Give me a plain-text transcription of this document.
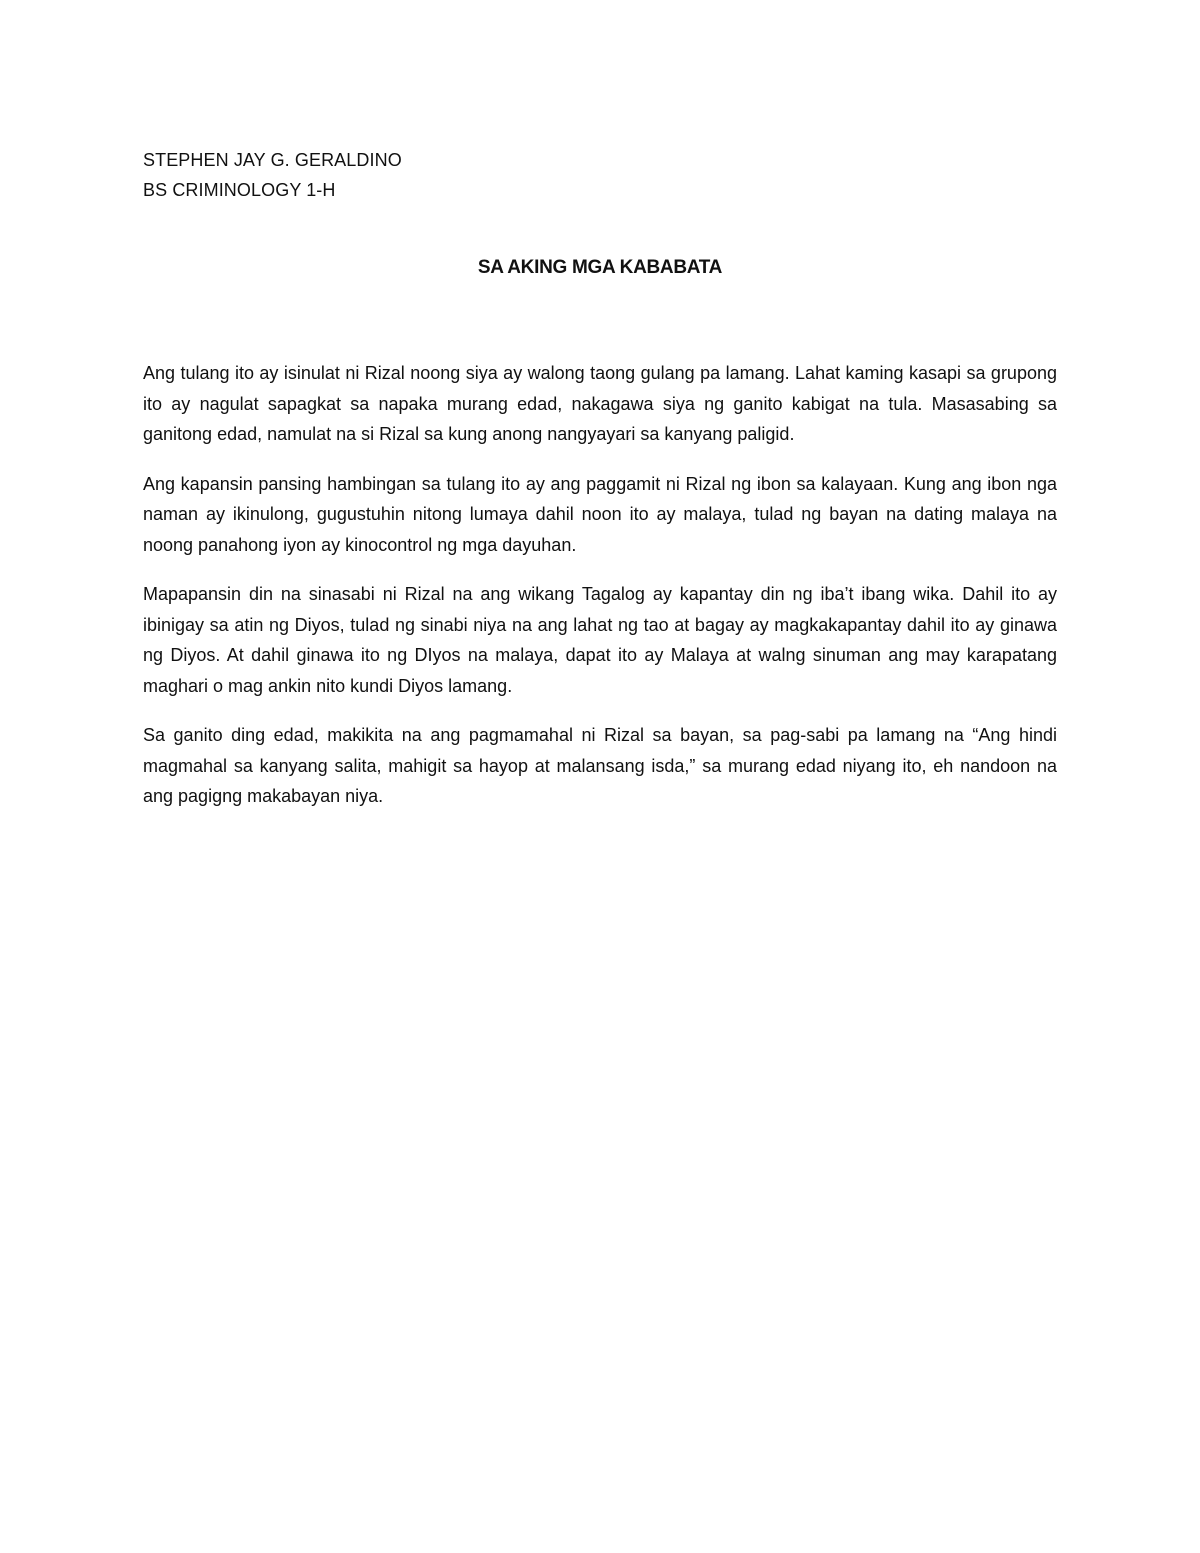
STEPHEN JAY G. GERALDINO
BS CRIMINOLOGY 1-H
SA AKING MGA KABABATA

Ang tulang ito ay isinulat ni Rizal noong siya ay walong taong gulang pa lamang. Lahat kaming kasapi sa grupong ito ay nagulat sapagkat sa napaka murang edad, nakagawa siya ng ganito kabigat na tula. Masasabing sa ganitong edad, namulat na si Rizal sa kung anong nangyayari sa kanyang paligid.

Ang kapansin pansing hambingan sa tulang ito ay ang paggamit ni Rizal ng ibon sa kalayaan. Kung ang ibon nga naman ay ikinulong, gugustuhin nitong lumaya dahil noon ito ay malaya, tulad ng bayan na dating malaya na noong panahong iyon ay kinocontrol ng mga dayuhan.

Mapapansin din na sinasabi ni Rizal na ang wikang Tagalog ay kapantay din ng iba’t ibang wika. Dahil ito ay ibinigay sa atin ng Diyos, tulad ng sinabi niya na ang lahat ng tao at bagay ay magkakapantay dahil ito ay ginawa ng Diyos. At dahil ginawa ito ng DIyos na malaya, dapat ito ay Malaya at walng sinuman ang may karapatang maghari o mag ankin nito kundi Diyos lamang.

Sa ganito ding edad, makikita na ang pagmamahal ni Rizal sa bayan, sa pag-sabi pa lamang na “Ang hindi magmahal sa kanyang salita, mahigit sa hayop at malansang isda,” sa murang edad niyang ito, eh nandoon na ang pagigng makabayan niya.
